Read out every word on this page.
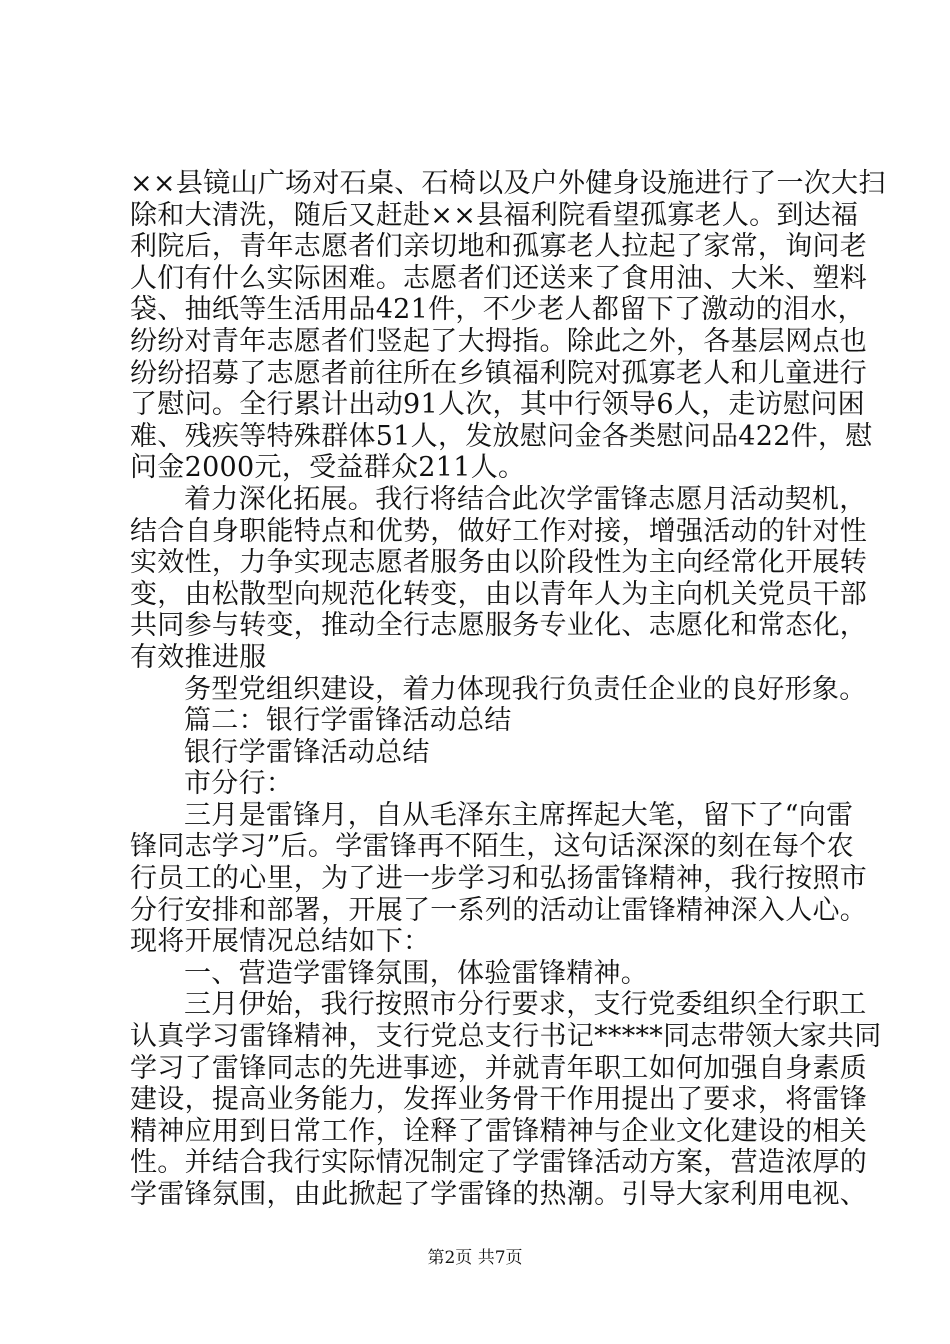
××县镜山广场对石桌、石椅以及户外健身设施进行了一次大扫
除和大清洗，随后又赶赴××县福利院看望孤寡老人。到达福
利院后，青年志愿者们亲切地和孤寡老人拉起了家常，询问老
人们有什么实际困难。志愿者们还送来了食用油、大米、塑料
袋、抽纸等生活用品421件，不少老人都留下了激动的泪水，
纷纷对青年志愿者们竖起了大拇指。除此之外，各基层网点也
纷纷招募了志愿者前往所在乡镇福利院对孤寡老人和儿童进行
了慰问。全行累计出动91人次，其中行领导6人，走访慰问困
难、残疾等特殊群体51人，发放慰问金各类慰问品422件，慰
问金2000元，受益群众211人。
着力深化拓展。我行将结合此次学雷锋志愿月活动契机，
结合自身职能特点和优势，做好工作对接，增强活动的针对性
实效性，力争实现志愿者服务由以阶段性为主向经常化开展转
变，由松散型向规范化转变，由以青年人为主向机关党员干部
共同参与转变，推动全行志愿服务专业化、志愿化和常态化，
有效推进服
务型党组织建设，着力体现我行负责任企业的良好形象。
篇二：银行学雷锋活动总结
银行学雷锋活动总结
市分行：
三月是雷锋月，自从毛泽东主席挥起大笔，留下了“向雷
锋同志学习”后。学雷锋再不陌生，这句话深深的刻在每个农
行员工的心里，为了进一步学习和弘扬雷锋精神，我行按照市
分行安排和部署，开展了一系列的活动让雷锋精神深入人心。
现将开展情况总结如下：
一、营造学雷锋氛围，体验雷锋精神。
三月伊始，我行按照市分行要求，支行党委组织全行职工
认真学习雷锋精神，支行党总支行书记*****同志带领大家共同
学习了雷锋同志的先进事迹，并就青年职工如何加强自身素质
建设，提高业务能力，发挥业务骨干作用提出了要求，将雷锋
精神应用到日常工作，诠释了雷锋精神与企业文化建设的相关
性。并结合我行实际情况制定了学雷锋活动方案，营造浓厚的
学雷锋氛围，由此掀起了学雷锋的热潮。引导大家利用电视、
第2页 共7页
